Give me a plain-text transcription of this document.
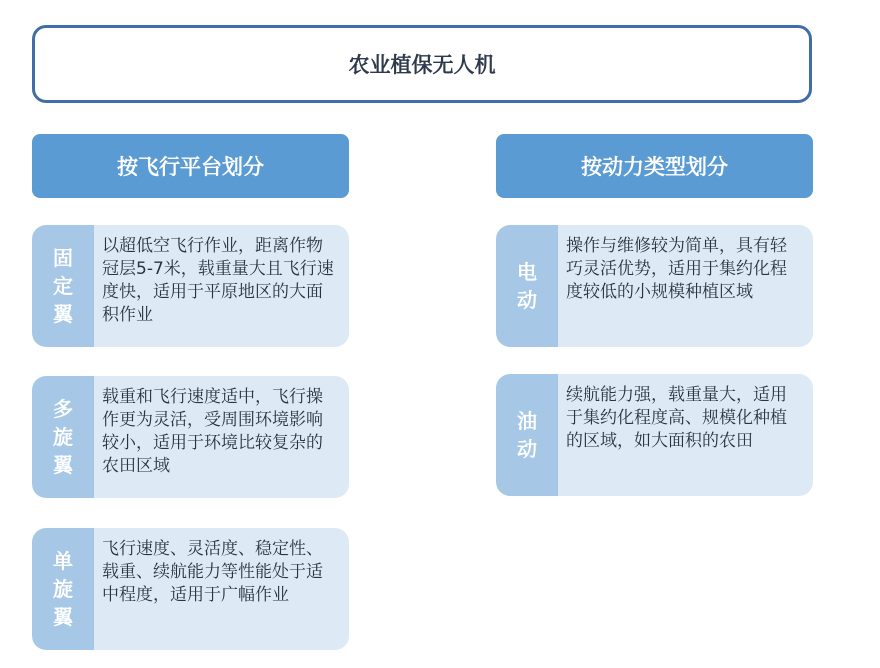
农业植保无人机
按飞行平台划分	按动力类型划分
固定翼
以超低空飞行作业，距离作物冠层5-7米，载重量大且飞行速度快，适用于平原地区的大面积作业
多旋翼
载重和飞行速度适中，飞行操作更为灵活，受周围环境影响较小，适用于环境比较复杂的农田区域
单旋翼
飞行速度、灵活度、稳定性、载重、续航能力等性能处于适中程度，适用于广幅作业
电动
操作与维修较为简单，具有轻巧灵活优势，适用于集约化程度较低的小规模种植区域
油动
续航能力强，载重量大，适用于集约化程度高、规模化种植的区域，如大面积的农田
